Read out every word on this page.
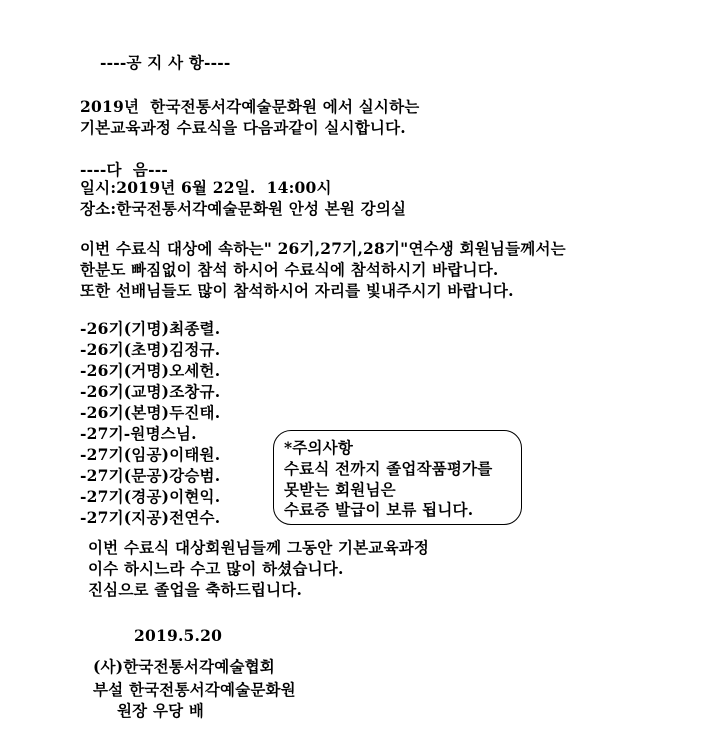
----공 지 사 항----
2019년  한국전통서각예술문화원 에서 실시하는
기본교육과정 수료식을 다음과같이 실시합니다.
----다  음---
일시:2019년 6월 22일.  14:00시
장소:한국전통서각예술문화원 안성 본원 강의실
이번 수료식 대상에 속하는" 26기,27기,28기"연수생 회원님들께서는
한분도 빠짐없이 참석 하시어 수료식에 참석하시기 바랍니다.
또한 선배님들도 많이 참석하시어 자리를 빛내주시기 바랍니다.
-26기(기명)최종렬.
-26기(초명)김정규.
-26기(거명)오세헌.
-26기(교명)조창규.
-26기(본명)두진태.
-27기-원명스님.
-27기(임공)이태원.
-27기(문공)강승범.
-27기(경공)이현익.
-27기(지공)전연수.
*주의사항
수료식 전까지 졸업작품평가를
못받는 회원님은
수료증 발급이 보류 됩니다.
이번 수료식 대상회원님들께 그동안 기본교육과정
이수 하시느라 수고 많이 하셨습니다.
진심으로 졸업을 축하드립니다.
2019.5.20
(사)한국전통서각예술협회
부설 한국전통서각예술문화원
원장 우당 배
